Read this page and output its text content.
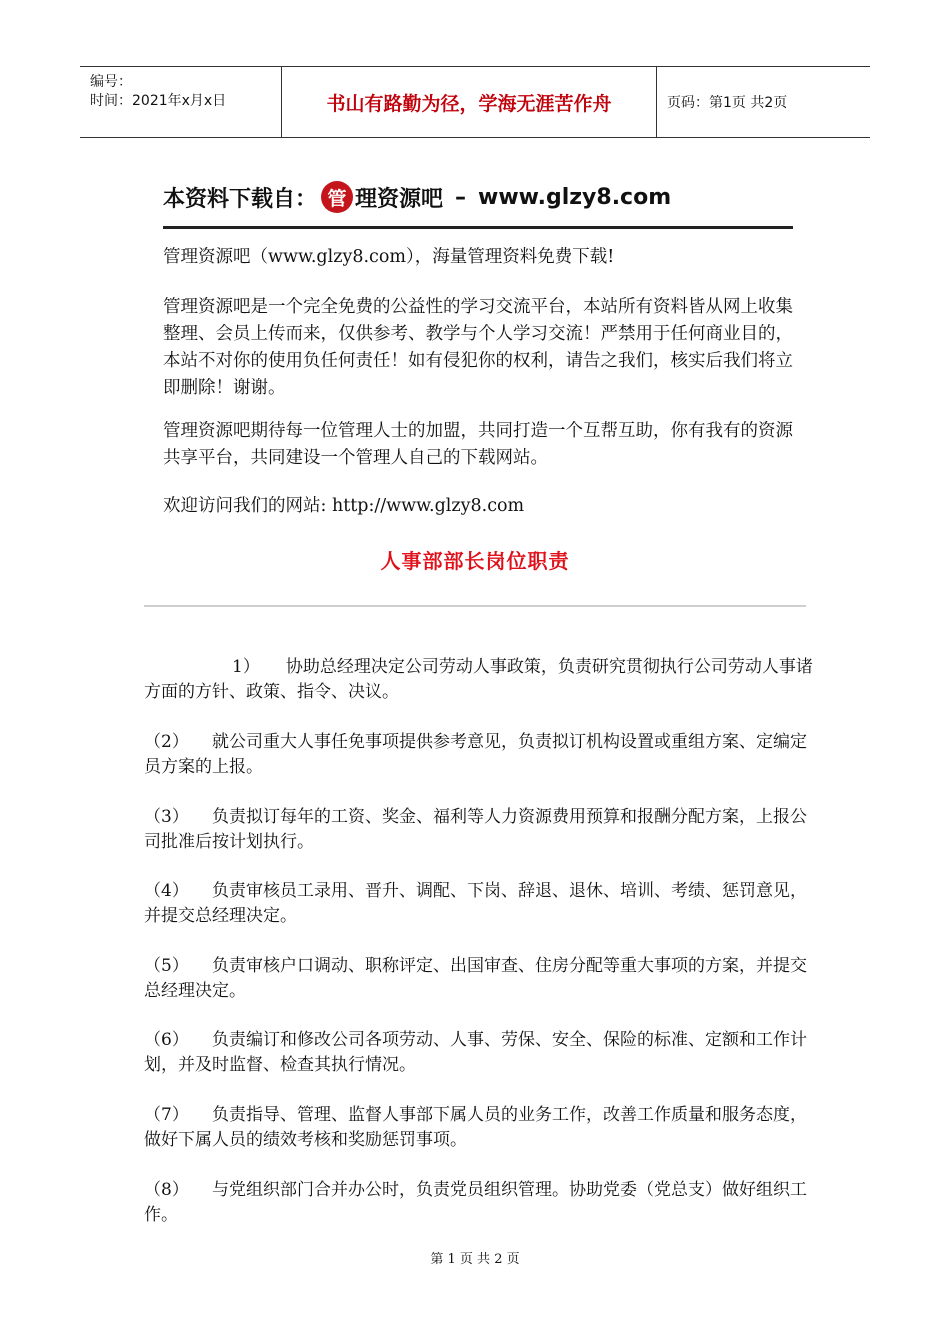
编号：
时间：2021年x月x日	书山有路勤为径，学海无涯苦作舟	页码：第1页 共2页
本资料下载自： 管 理资源吧 – www.glzy8.com
管理资源吧（www.glzy8.com），海量管理资料免费下载!
管理资源吧是一个完全免费的公益性的学习交流平台，本站所有资料皆从网上收集整理、会员上传而来，仅供参考、教学与个人学习交流！严禁用于任何商业目的，本站不对你的使用负任何责任！如有侵犯你的权利，请告之我们，核实后我们将立即删除！谢谢。
管理资源吧期待每一位管理人士的加盟，共同打造一个互帮互助，你有我有的资源共享平台，共同建设一个管理人自己的下载网站。
欢迎访问我们的网站: http://www.glzy8.com
人事部部长岗位职责
1） 协助总经理决定公司劳动人事政策，负责研究贯彻执行公司劳动人事诸方面的方针、政策、指令、决议。
（2） 就公司重大人事任免事项提供参考意见，负责拟订机构设置或重组方案、定编定员方案的上报。
（3） 负责拟订每年的工资、奖金、福利等人力资源费用预算和报酬分配方案，上报公司批准后按计划执行。
（4） 负责审核员工录用、晋升、调配、下岗、辞退、退休、培训、考绩、惩罚意见，并提交总经理决定。
（5） 负责审核户口调动、职称评定、出国审查、住房分配等重大事项的方案，并提交总经理决定。
（6） 负责编订和修改公司各项劳动、人事、劳保、安全、保险的标准、定额和工作计划，并及时监督、检查其执行情况。
（7） 负责指导、管理、监督人事部下属人员的业务工作，改善工作质量和服务态度，做好下属人员的绩效考核和奖励惩罚事项。
（8） 与党组织部门合并办公时，负责党员组织管理。协助党委（党总支）做好组织工作。
第 1 页 共 2 页
